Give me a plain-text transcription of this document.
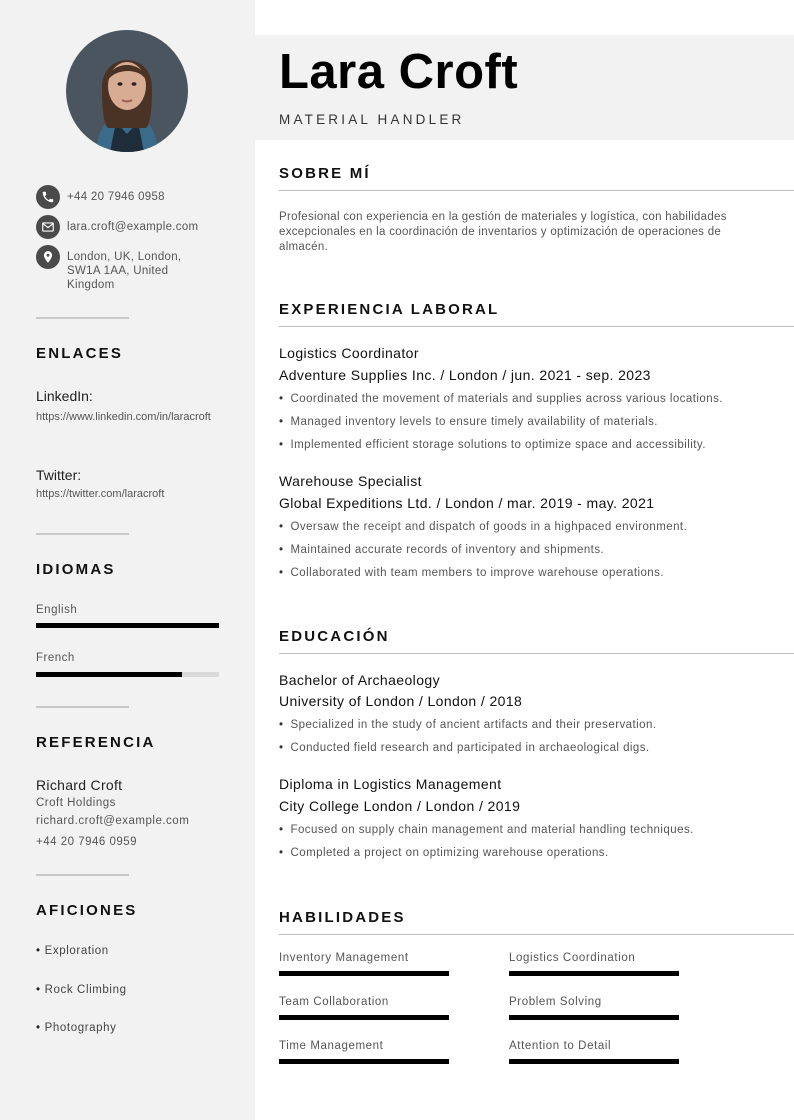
+44 20 7946 0958
lara.croft@example.com
London, UK, London, SW1A 1AA, United Kingdom
ENLACES
LinkedIn:
https://www.linkedin.com/in/laracroft
Twitter:
https://twitter.com/laracroft
IDIOMAS
English
French
REFERENCIA
Richard Croft
Croft Holdings
richard.croft@example.com
+44 20 7946 0959
AFICIONES
• Exploration
• Rock Climbing
• Photography
Lara Croft
MATERIAL HANDLER
SOBRE MÍ
Profesional con experiencia en la gestión de materiales y logística, con habilidades excepcionales en la coordinación de inventarios y optimización de operaciones de almacén.
EXPERIENCIA LABORAL
Logistics Coordinator
Adventure Supplies Inc. / London / jun. 2021 - sep. 2023
• Coordinated the movement of materials and supplies across various locations.
• Managed inventory levels to ensure timely availability of materials.
• Implemented efficient storage solutions to optimize space and accessibility.
Warehouse Specialist
Global Expeditions Ltd. / London / mar. 2019 - may. 2021
• Oversaw the receipt and dispatch of goods in a highpaced environment.
• Maintained accurate records of inventory and shipments.
• Collaborated with team members to improve warehouse operations.
EDUCACIÓN
Bachelor of Archaeology
University of London / London / 2018
• Specialized in the study of ancient artifacts and their preservation.
• Conducted field research and participated in archaeological digs.
Diploma in Logistics Management
City College London / London / 2019
• Focused on supply chain management and material handling techniques.
• Completed a project on optimizing warehouse operations.
HABILIDADES
Inventory Management	Logistics Coordination
Team Collaboration	Problem Solving
Time Management	Attention to Detail
